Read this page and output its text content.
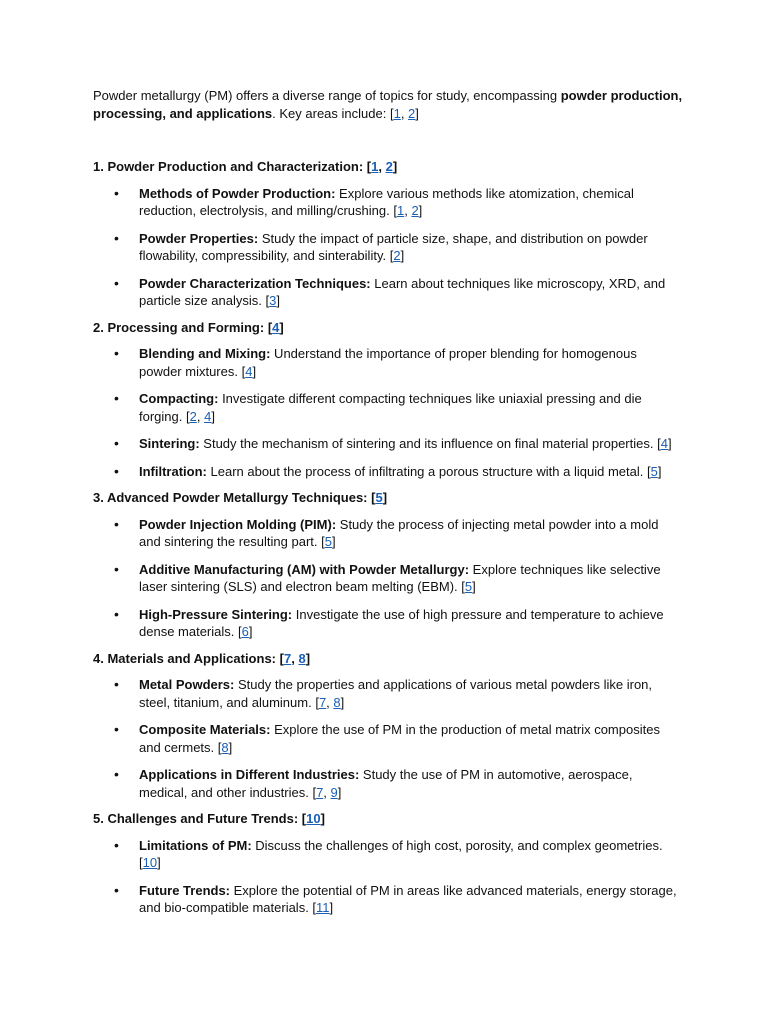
Powder metallurgy (PM) offers a diverse range of topics for study, encompassing powder production, processing, and applications. Key areas include: [1, 2]

1. Powder Production and Characterization: [1, 2]

• Methods of Powder Production: Explore various methods like atomization, chemical reduction, electrolysis, and milling/crushing. [1, 2]
• Powder Properties: Study the impact of particle size, shape, and distribution on powder flowability, compressibility, and sinterability. [2]
• Powder Characterization Techniques: Learn about techniques like microscopy, XRD, and particle size analysis. [3]

2. Processing and Forming: [4]

• Blending and Mixing: Understand the importance of proper blending for homogenous powder mixtures. [4]
• Compacting: Investigate different compacting techniques like uniaxial pressing and die forging. [2, 4]
• Sintering: Study the mechanism of sintering and its influence on final material properties. [4]
• Infiltration: Learn about the process of infiltrating a porous structure with a liquid metal. [5]

3. Advanced Powder Metallurgy Techniques: [5]

• Powder Injection Molding (PIM): Study the process of injecting metal powder into a mold and sintering the resulting part. [5]
• Additive Manufacturing (AM) with Powder Metallurgy: Explore techniques like selective laser sintering (SLS) and electron beam melting (EBM). [5]
• High-Pressure Sintering: Investigate the use of high pressure and temperature to achieve dense materials. [6]

4. Materials and Applications: [7, 8]

• Metal Powders: Study the properties and applications of various metal powders like iron, steel, titanium, and aluminum. [7, 8]
• Composite Materials: Explore the use of PM in the production of metal matrix composites and cermets. [8]
• Applications in Different Industries: Study the use of PM in automotive, aerospace, medical, and other industries. [7, 9]

5. Challenges and Future Trends: [10]

• Limitations of PM: Discuss the challenges of high cost, porosity, and complex geometries. [10]
• Future Trends: Explore the potential of PM in areas like advanced materials, energy storage, and bio-compatible materials. [11]
